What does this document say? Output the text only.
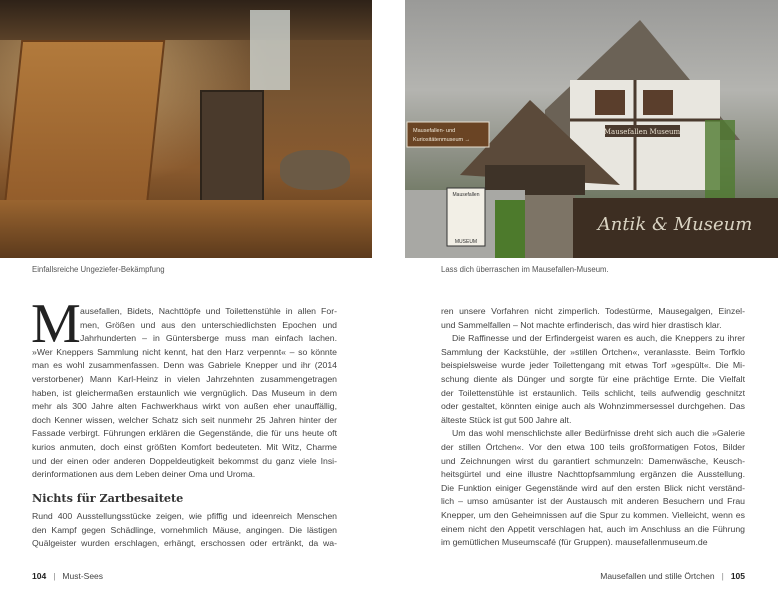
Antik & Museum
Mausefallen- und
Kuriositätenmuseum →
Mausefallen
MUSEUM
Mausefallen Museum
Einfallsreiche Ungeziefer-Bekämpfung	Lass dich überraschen im Mausefallen-Museum.
M ausefallen, Bidets, Nachttöpfe und Toilettenstühle in allen For-
men, Größen und aus den unterschiedlichsten Epochen und
Jahrhunderten – in Güntersberge muss man einfach lachen.
»Wer Kneppers Sammlung nicht kennt, hat den Harz verpennt« – so könnte
man es wohl zusammenfassen. Denn was Gabriele Knepper und ihr (2014
verstorbener) Mann Karl-Heinz in vielen Jahrzehnten zusammengetragen
haben, ist gleichermaßen erstaunlich wie vergnüglich. Das Museum in dem
mehr als 300 Jahre alten Fachwerkhaus wirkt von außen eher unauffällig,
doch Kenner wissen, welcher Schatz sich seit nunmehr 25 Jahren hinter der
Fassade verbirgt. Führungen erklären die Gegenstände, die für uns heute oft
kurios anmuten, doch einst größten Komfort bedeuteten. Mit Witz, Charme
und der einen oder anderen Doppeldeutigkeit bekommst du ganz viele Insi-
derinformationen aus dem Leben deiner Oma und Uroma.
Nichts für Zartbesaitete
Rund 400 Ausstellungsstücke zeigen, wie pfiffig und ideenreich Menschen
den Kampf gegen Schädlinge, vornehmlich Mäuse, angingen. Die lästigen
Quälgeister wurden erschlagen, erhängt, erschossen oder ertränkt, da wa-
ren unsere Vorfahren nicht zimperlich. Todestürme, Mausegalgen, Einzel-
und Sammelfallen – Not machte erfinderisch, das wird hier drastisch klar.
Die Raffinesse und der Erfindergeist waren es auch, die Kneppers zu ihrer
Sammlung der Kackstühle, der »stillen Örtchen«, veranlasste. Beim Torfklo
beispielsweise wurde jeder Toilettengang mit etwas Torf »gespült«. Die Mi-
schung diente als Dünger und sorgte für eine prächtige Ernte. Die Vielfalt
der Toilettenstühle ist erstaunlich. Teils schlicht, teils aufwendig geschnitzt
oder gestaltet, könnten einige auch als Wohnzimmersessel durchgehen. Das
älteste Stück ist gut 500 Jahre alt.
Um das wohl menschlichste aller Bedürfnisse dreht sich auch die »Galerie
der stillen Örtchen«. Vor den etwa 100 teils großformatigen Fotos, Bilder
und Zeichnungen wirst du garantiert schmunzeln: Damenwäsche, Keusch-
heitsgürtel und eine illustre Nachttopfsammlung ergänzen die Ausstellung.
Die Funktion einiger Gegenstände wird auf den ersten Blick nicht verständ-
lich – umso amüsanter ist der Austausch mit anderen Besuchern und Frau
Knepper, um den Geheimnissen auf die Spur zu kommen. Vielleicht, wenn es
einem nicht den Appetit verschlagen hat, auch im Anschluss an die Führung
im gemütlichen Museumscafé (für Gruppen). mausefallenmuseum.de
104 | Must-Sees	Mausefallen und stille Örtchen | 105
